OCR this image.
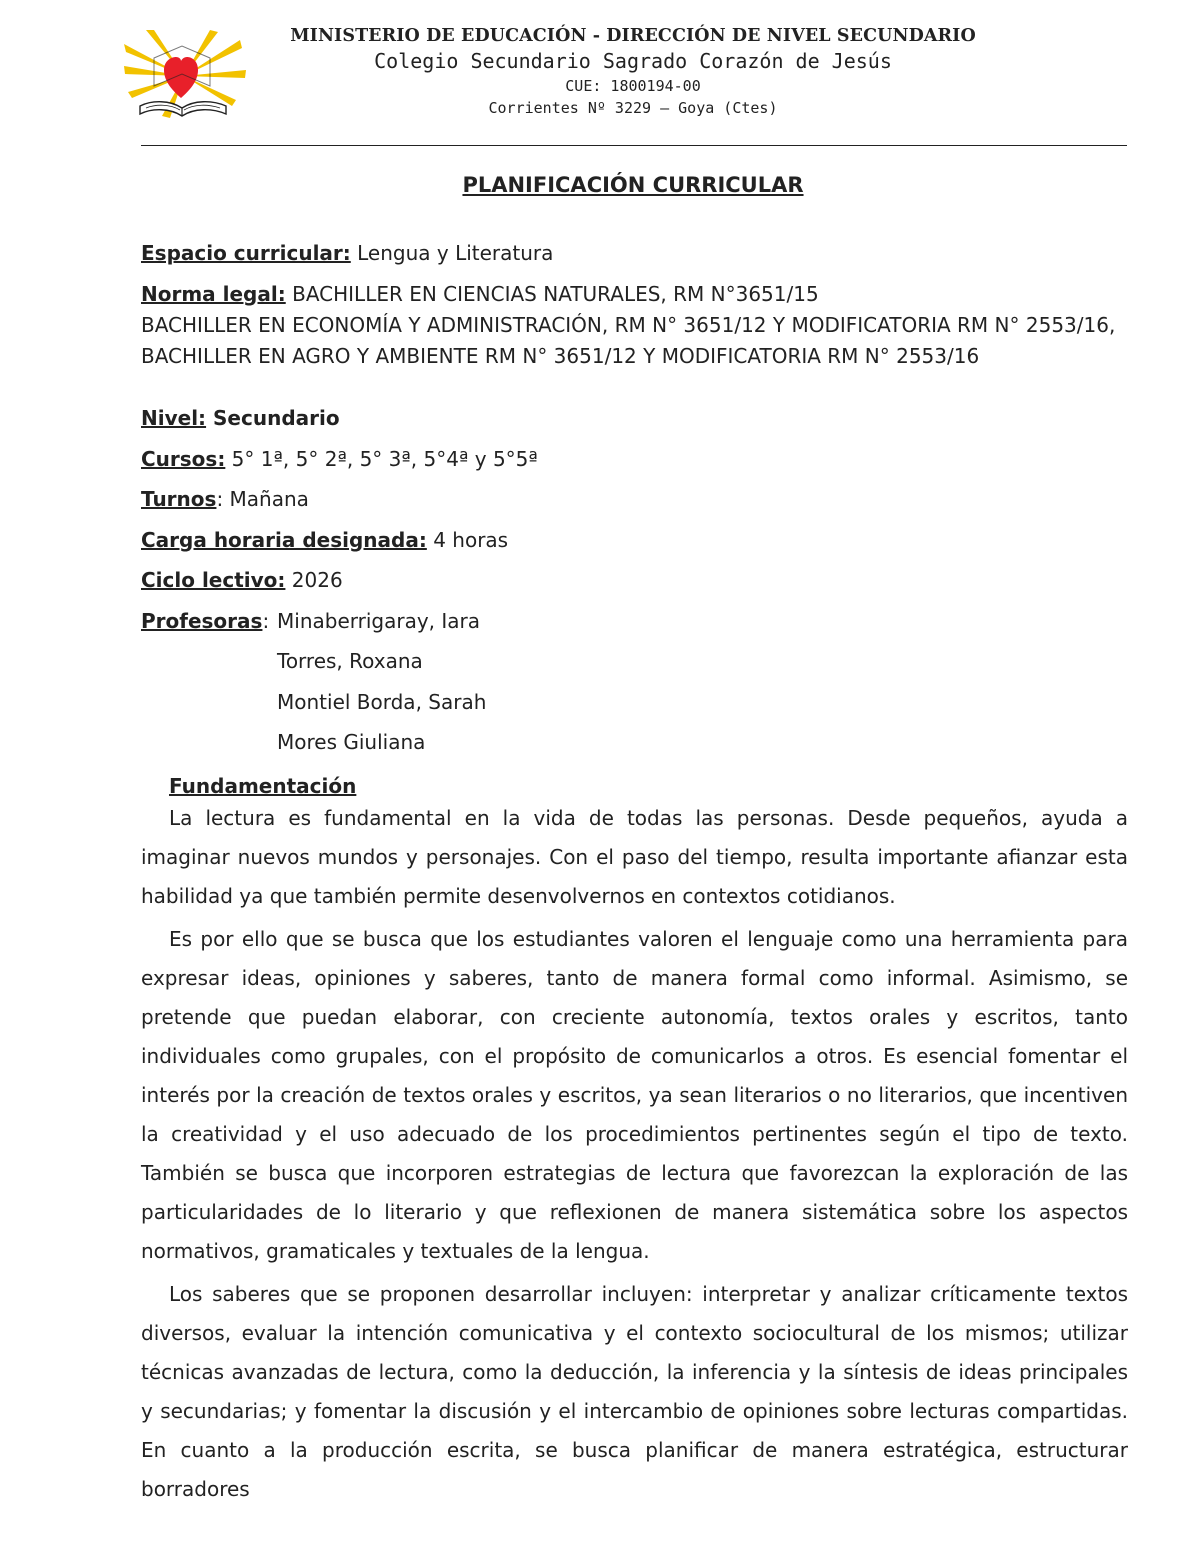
MINISTERIO DE EDUCACIÓN - DIRECCIÓN DE NIVEL SECUNDARIO
Colegio Secundario Sagrado Corazón de Jesús
CUE: 1800194-00
Corrientes Nº 3229 – Goya (Ctes)
PLANIFICACIÓN CURRICULAR
Espacio curricular: Lengua y Literatura
Norma legal: BACHILLER EN CIENCIAS NATURALES, RM N°3651/15
BACHILLER EN ECONOMÍA Y ADMINISTRACIÓN, RM N° 3651/12 Y MODIFICATORIA RM N° 2553/16, BACHILLER EN AGRO Y AMBIENTE RM N° 3651/12 Y MODIFICATORIA RM N° 2553/16
Nivel: Secundario
Cursos: 5° 1ª, 5° 2ª, 5° 3ª, 5°4ª y 5°5ª
Turnos: Mañana
Carga horaria designada: 4 horas
Ciclo lectivo: 2026
Profesoras: Minaberrigaray, Iara
Torres, Roxana
Montiel Borda, Sarah
Mores Giuliana
Fundamentación

La lectura es fundamental en la vida de todas las personas. Desde pequeños, ayuda a imaginar nuevos mundos y personajes. Con el paso del tiempo, resulta importante afianzar esta habilidad ya que también permite desenvolvernos en contextos cotidianos.

Es por ello que se busca que los estudiantes valoren el lenguaje como una herramienta para expresar ideas, opiniones y saberes, tanto de manera formal como informal. Asimismo, se pretende que puedan elaborar, con creciente autonomía, textos orales y escritos, tanto individuales como grupales, con el propósito de comunicarlos a otros. Es esencial fomentar el interés por la creación de textos orales y escritos, ya sean literarios o no literarios, que incentiven la creatividad y el uso adecuado de los procedimientos pertinentes según el tipo de texto. También se busca que incorporen estrategias de lectura que favorezcan la exploración de las particularidades de lo literario y que reflexionen de manera sistemática sobre los aspectos normativos, gramaticales y textuales de la lengua.

Los saberes que se proponen desarrollar incluyen: interpretar y analizar críticamente textos diversos, evaluar la intención comunicativa y el contexto sociocultural de los mismos; utilizar técnicas avanzadas de lectura, como la deducción, la inferencia y la síntesis de ideas principales y secundarias; y fomentar la discusión y el intercambio de opiniones sobre lecturas compartidas. En cuanto a la producción escrita, se busca planificar de manera estratégica, estructurar borradores
